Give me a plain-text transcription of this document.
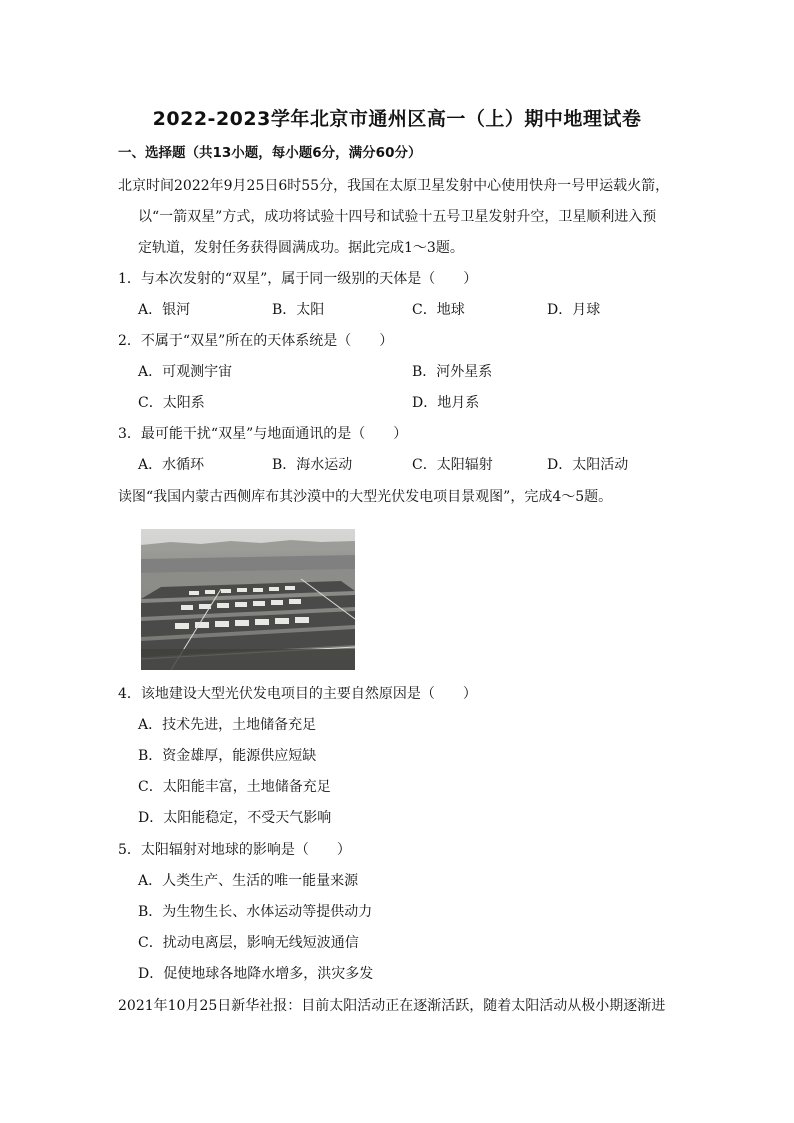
2022-2023学年北京市通州区高一（上）期中地理试卷
一、选择题（共13小题，每小题6分，满分60分）
北京时间2022年9月25日6时55分，我国在太原卫星发射中心使用快舟一号甲运载火箭，
以“一箭双星”方式，成功将试验十四号和试验十五号卫星发射升空，卫星顺利进入预
定轨道，发射任务获得圆满成功。据此完成1～3题。
1．与本次发射的“双星”，属于同一级别的天体是（　　）
A．银河	B．太阳	C．地球	D．月球
2．不属于“双星”所在的天体系统是（　　）
A．可观测宇宙	B．河外星系
C．太阳系	D．地月系
3．最可能干扰“双星”与地面通讯的是（　　）
A．水循环	B．海水运动	C．太阳辐射	D．太阳活动
读图“我国内蒙古西侧库布其沙漠中的大型光伏发电项目景观图”，完成4～5题。
4．该地建设大型光伏发电项目的主要自然原因是（　　）
A．技术先进，土地储备充足
B．资金雄厚，能源供应短缺
C．太阳能丰富，土地储备充足
D．太阳能稳定，不受天气影响
5．太阳辐射对地球的影响是（　　）
A．人类生产、生活的唯一能量来源
B．为生物生长、水体运动等提供动力
C．扰动电离层，影响无线短波通信
D．促使地球各地降水增多，洪灾多发
2021年10月25日新华社报：目前太阳活动正在逐渐活跃，随着太阳活动从极小期逐渐进
